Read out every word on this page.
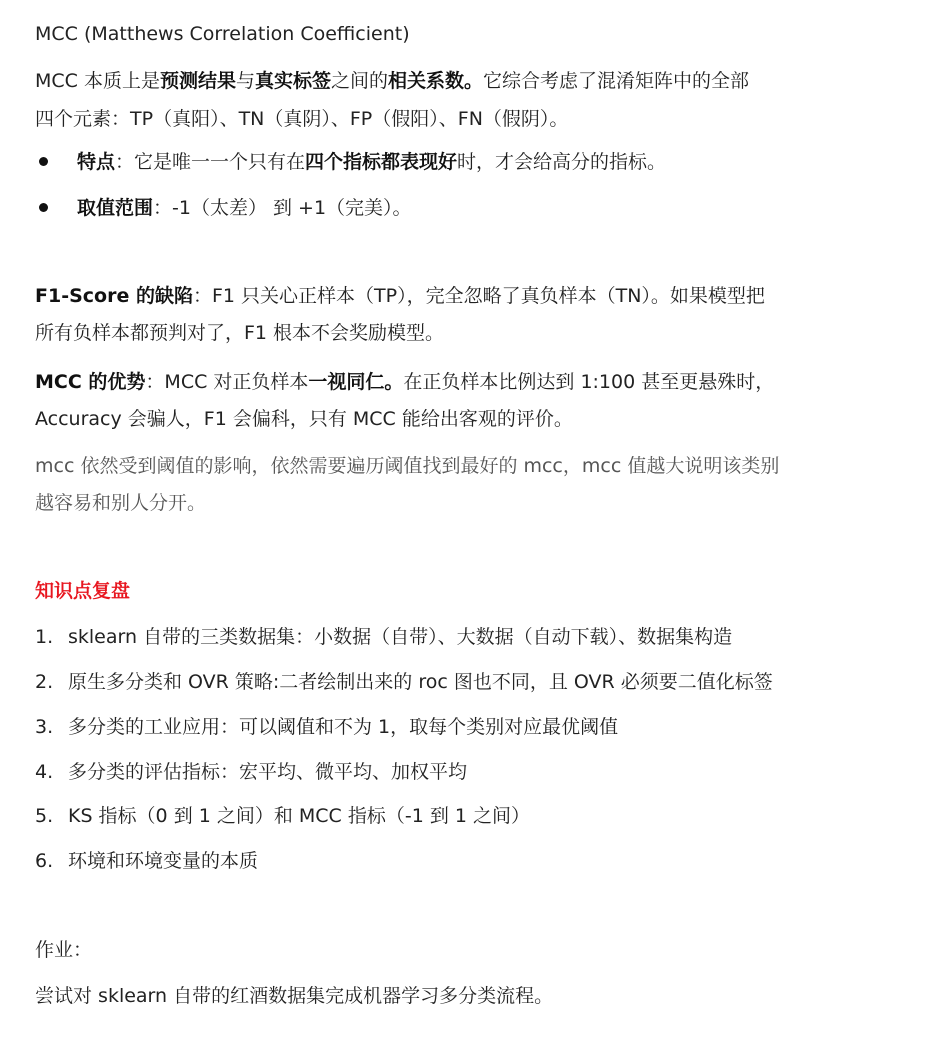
MCC (Matthews Correlation Coefficient)
MCC 本质上是预测结果与真实标签之间的相关系数。它综合考虑了混淆矩阵中的全部
四个元素：TP（真阳）、TN（真阴）、FP（假阳）、FN（假阴）。
特点：它是唯一一个只有在四个指标都表现好时，才会给高分的指标。
取值范围：-1（太差） 到 +1（完美）。
F1-Score 的缺陷：F1 只关心正样本（TP），完全忽略了真负样本（TN）。如果模型把
所有负样本都预判对了，F1 根本不会奖励模型。
MCC 的优势：MCC 对正负样本一视同仁。在正负样本比例达到 1:100 甚至更悬殊时，
Accuracy 会骗人，F1 会偏科，只有 MCC 能给出客观的评价。
mcc 依然受到阈值的影响，依然需要遍历阈值找到最好的 mcc，mcc 值越大说明该类别
越容易和别人分开。
知识点复盘
1. sklearn 自带的三类数据集：小数据（自带）、大数据（自动下载）、数据集构造
2. 原生多分类和 OVR 策略:二者绘制出来的 roc 图也不同，且 OVR 必须要二值化标签
3. 多分类的工业应用：可以阈值和不为 1，取每个类别对应最优阈值
4. 多分类的评估指标：宏平均、微平均、加权平均
5. KS 指标（0 到 1 之间）和 MCC 指标（-1 到 1 之间）
6. 环境和环境变量的本质
作业：
尝试对 sklearn 自带的红酒数据集完成机器学习多分类流程。
